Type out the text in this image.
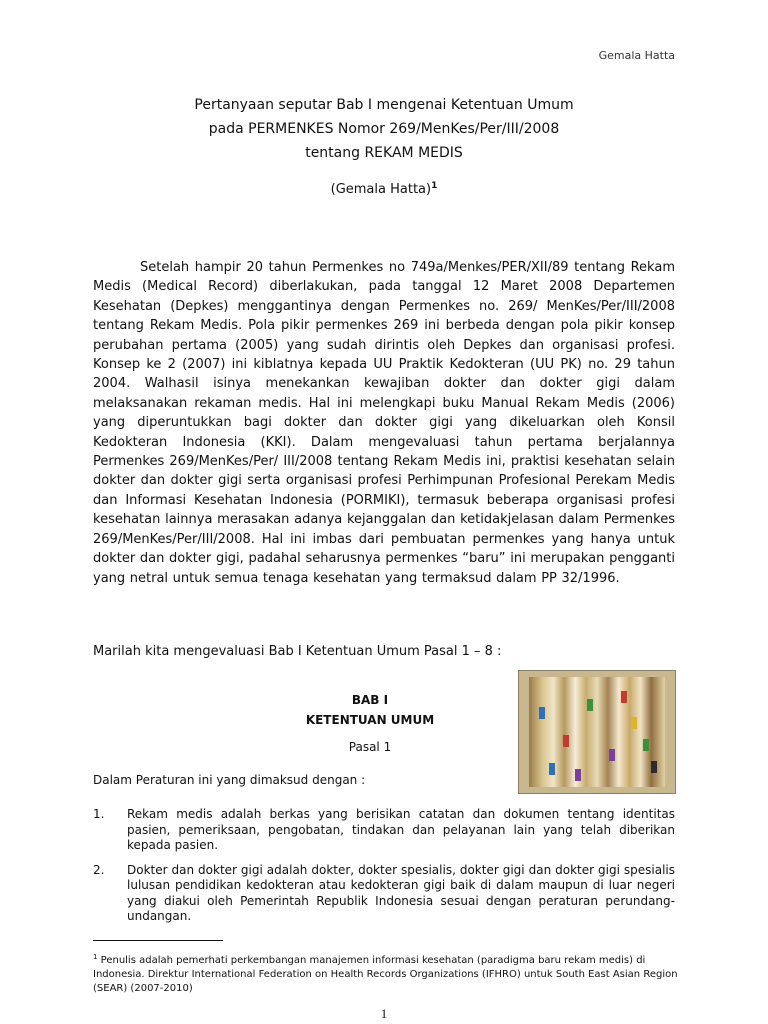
Gemala Hatta
Pertanyaan seputar Bab I mengenai Ketentuan Umum
pada PERMENKES Nomor 269/MenKes/Per/III/2008
tentang REKAM MEDIS
(Gemala Hatta)$^1$

Setelah hampir 20 tahun Permenkes no 749a/Menkes/PER/XII/89 tentang Rekam Medis (Medical Record) diberlakukan, pada tanggal 12 Maret 2008 Departemen Kesehatan (Depkes) menggantinya dengan Permenkes no. 269/ MenKes/Per/III/2008 tentang Rekam Medis. Pola pikir permenkes 269 ini berbeda dengan pola pikir konsep perubahan pertama (2005) yang sudah dirintis oleh Depkes dan organisasi profesi. Konsep ke 2 (2007) ini kiblatnya kepada UU Praktik Kedokteran (UU PK) no. 29 tahun 2004. Walhasil isinya menekankan kewajiban dokter dan dokter gigi dalam melaksanakan rekaman medis. Hal ini melengkapi buku Manual Rekam Medis (2006) yang diperuntukkan bagi dokter dan dokter gigi yang dikeluarkan oleh Konsil Kedokteran Indonesia (KKI). Dalam mengevaluasi tahun pertama berjalannya Permenkes 269/MenKes/Per/ III/2008 tentang Rekam Medis ini, praktisi kesehatan selain dokter dan dokter gigi serta organisasi profesi Perhimpunan Profesional Perekam Medis dan Informasi Kesehatan Indonesia (PORMIKI), termasuk beberapa organisasi profesi kesehatan lainnya merasakan adanya kejanggalan dan ketidakjelasan dalam Permenkes 269/MenKes/Per/III/2008. Hal ini imbas dari pembuatan permenkes yang hanya untuk dokter dan dokter gigi, padahal seharusnya permenkes “baru” ini merupakan pengganti yang netral untuk semua tenaga kesehatan yang termaksud dalam PP 32/1996.

Marilah kita mengevaluasi Bab I Ketentuan Umum Pasal 1 – 8 :
BAB I
KETENTUAN UMUM
Pasal 1
Dalam Peraturan ini yang dimaksud dengan :
1.	Rekam medis adalah berkas yang berisikan catatan dan dokumen tentang identitas pasien, pemeriksaan, pengobatan, tindakan dan pelayanan lain yang telah diberikan kepada pasien.
2.	Dokter dan dokter gigi adalah dokter, dokter spesialis, dokter gigi dan dokter gigi spesialis lulusan pendidikan kedokteran atau kedokteran gigi baik di dalam maupun di luar negeri yang diakui oleh Pemerintah Republik Indonesia sesuai dengan peraturan perundang-undangan.
$^1$ Penulis adalah pemerhati perkembangan manajemen informasi kesehatan (paradigma baru rekam medis) di Indonesia. Direktur International Federation on Health Records Organizations (IFHRO) untuk South East Asian Region (SEAR) (2007-2010)
1
